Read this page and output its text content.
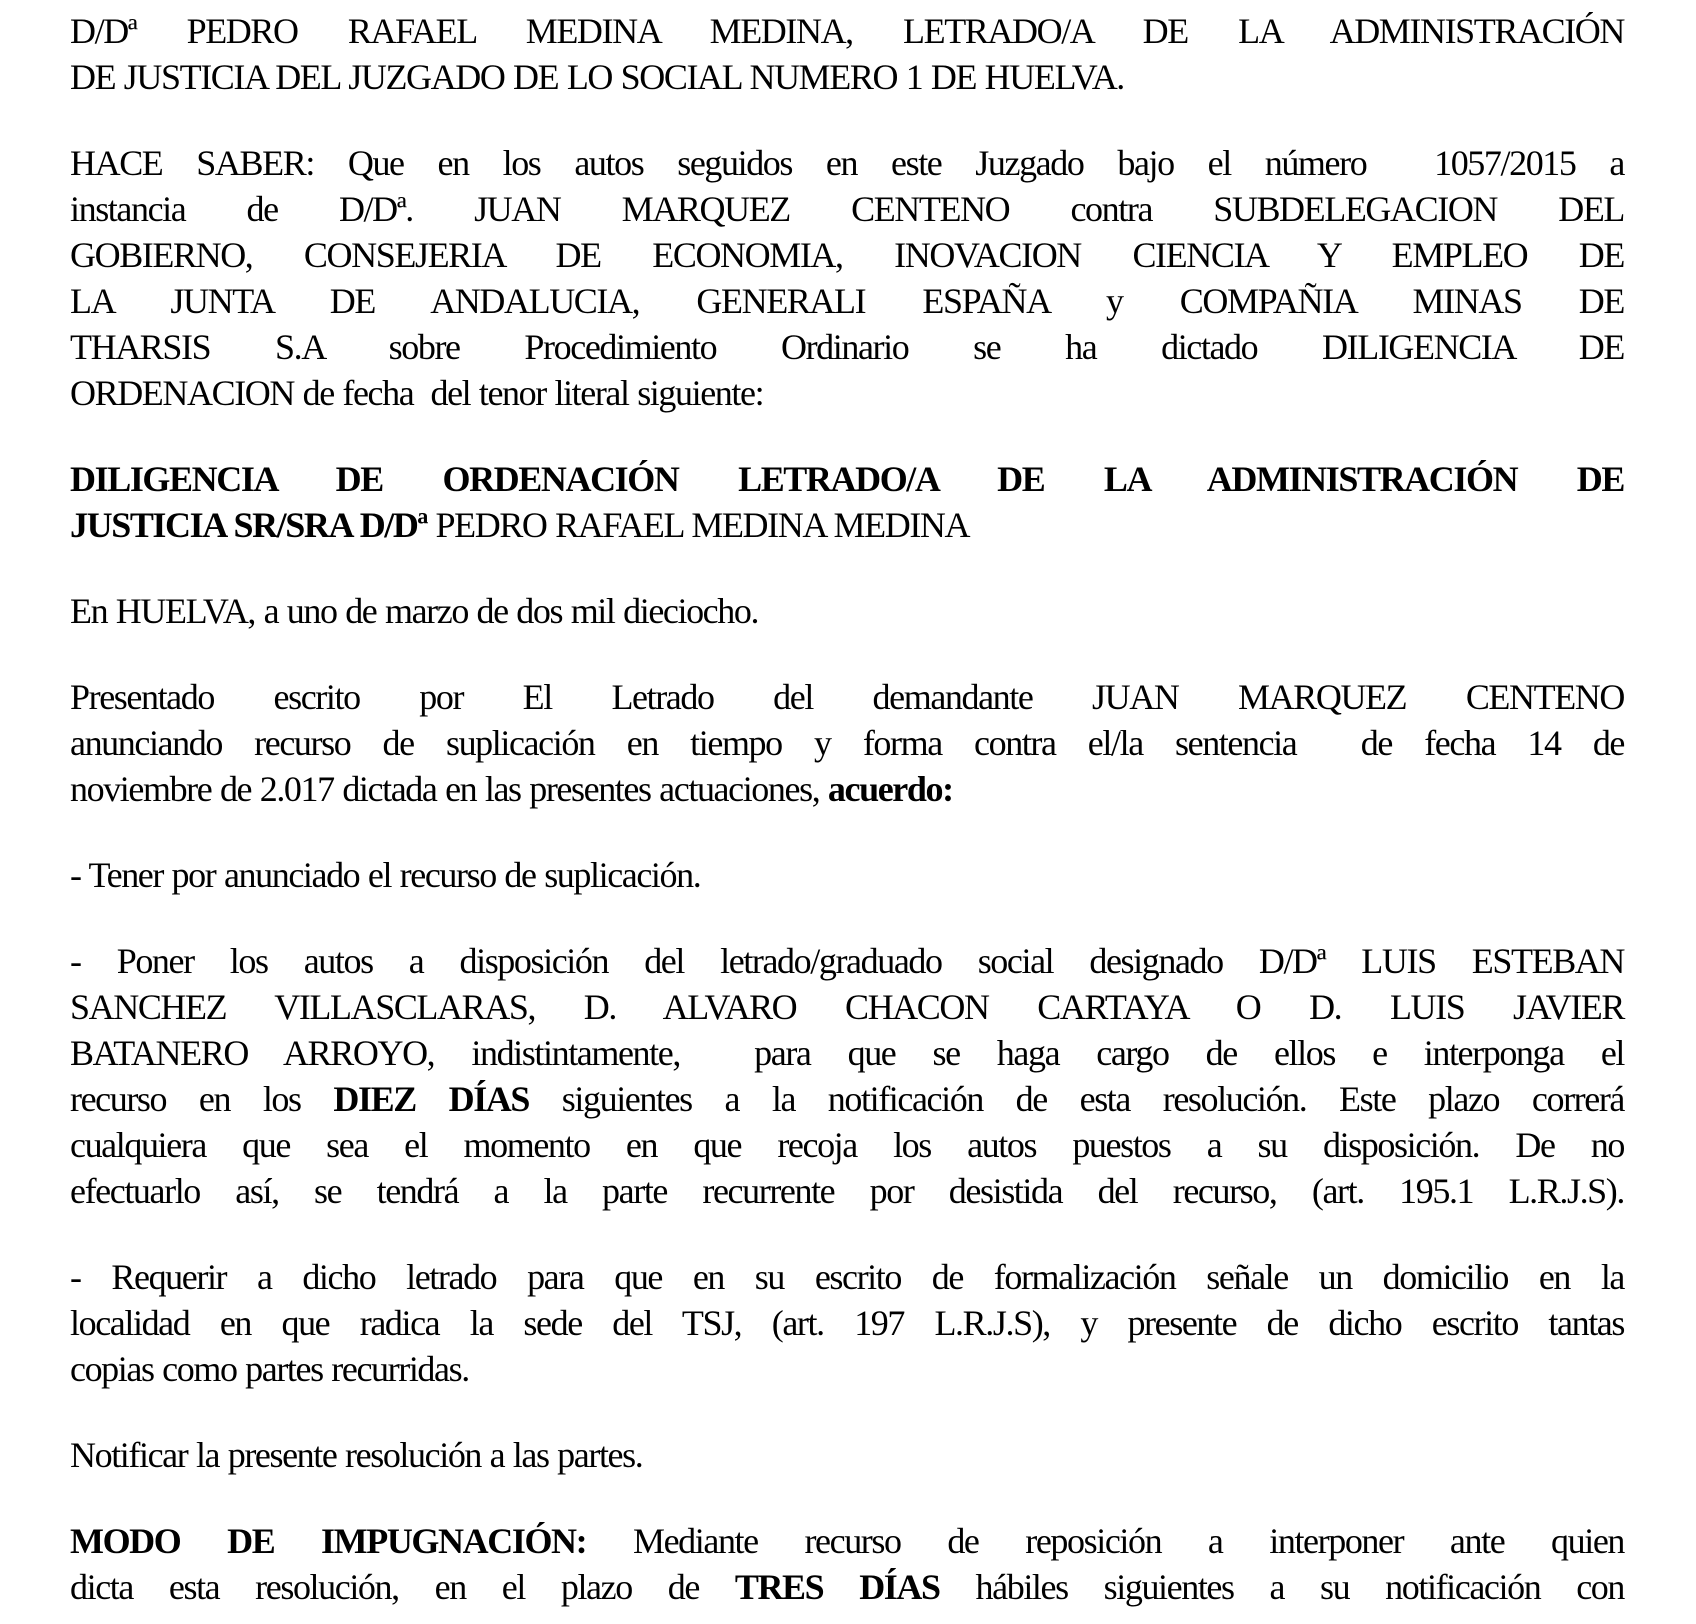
D/Dª PEDRO RAFAEL MEDINA MEDINA, LETRADO/A DE LA ADMINISTRACIÓN
DE JUSTICIA DEL JUZGADO DE LO SOCIAL NUMERO 1 DE HUELVA.
HACE SABER: Que en los autos seguidos en este Juzgado bajo el número  1057/2015 a
instancia de D/Dª. JUAN MARQUEZ CENTENO contra SUBDELEGACION DEL
GOBIERNO, CONSEJERIA DE ECONOMIA, INOVACION CIENCIA Y EMPLEO DE
LA JUNTA DE ANDALUCIA, GENERALI ESPAÑA y COMPAÑIA MINAS DE
THARSIS S.A sobre Procedimiento Ordinario se ha dictado DILIGENCIA DE
ORDENACION de fecha  del tenor literal siguiente:
DILIGENCIA DE ORDENACIÓN LETRADO/A DE LA ADMINISTRACIÓN DE
JUSTICIA SR/SRA D/Dª PEDRO RAFAEL MEDINA MEDINA
En HUELVA, a uno de marzo de dos mil dieciocho.
Presentado escrito por El Letrado del demandante JUAN MARQUEZ CENTENO
anunciando recurso de suplicación en tiempo y forma contra el/la sentencia  de fecha 14 de
noviembre de 2.017 dictada en las presentes actuaciones, acuerdo:
- Tener por anunciado el recurso de suplicación.
- Poner los autos a disposición del letrado/graduado social designado D/Dª LUIS ESTEBAN
SANCHEZ VILLASCLARAS, D. ALVARO CHACON CARTAYA O D. LUIS JAVIER
BATANERO ARROYO, indistintamente,  para que se haga cargo de ellos e interponga el
recurso en los DIEZ DÍAS siguientes a la notificación de esta resolución. Este plazo correrá
cualquiera que sea el momento en que recoja los autos puestos a su disposición. De no
efectuarlo así, se tendrá a la parte recurrente por desistida del recurso, (art. 195.1 L.R.J.S).
- Requerir a dicho letrado para que en su escrito de formalización señale un domicilio en la
localidad en que radica la sede del TSJ, (art. 197 L.R.J.S), y presente de dicho escrito tantas
copias como partes recurridas.
Notificar la presente resolución a las partes.
MODO DE IMPUGNACIÓN: Mediante recurso de reposición a interponer ante quien
dicta esta resolución, en el plazo de TRES DÍAS hábiles siguientes a su notificación con
